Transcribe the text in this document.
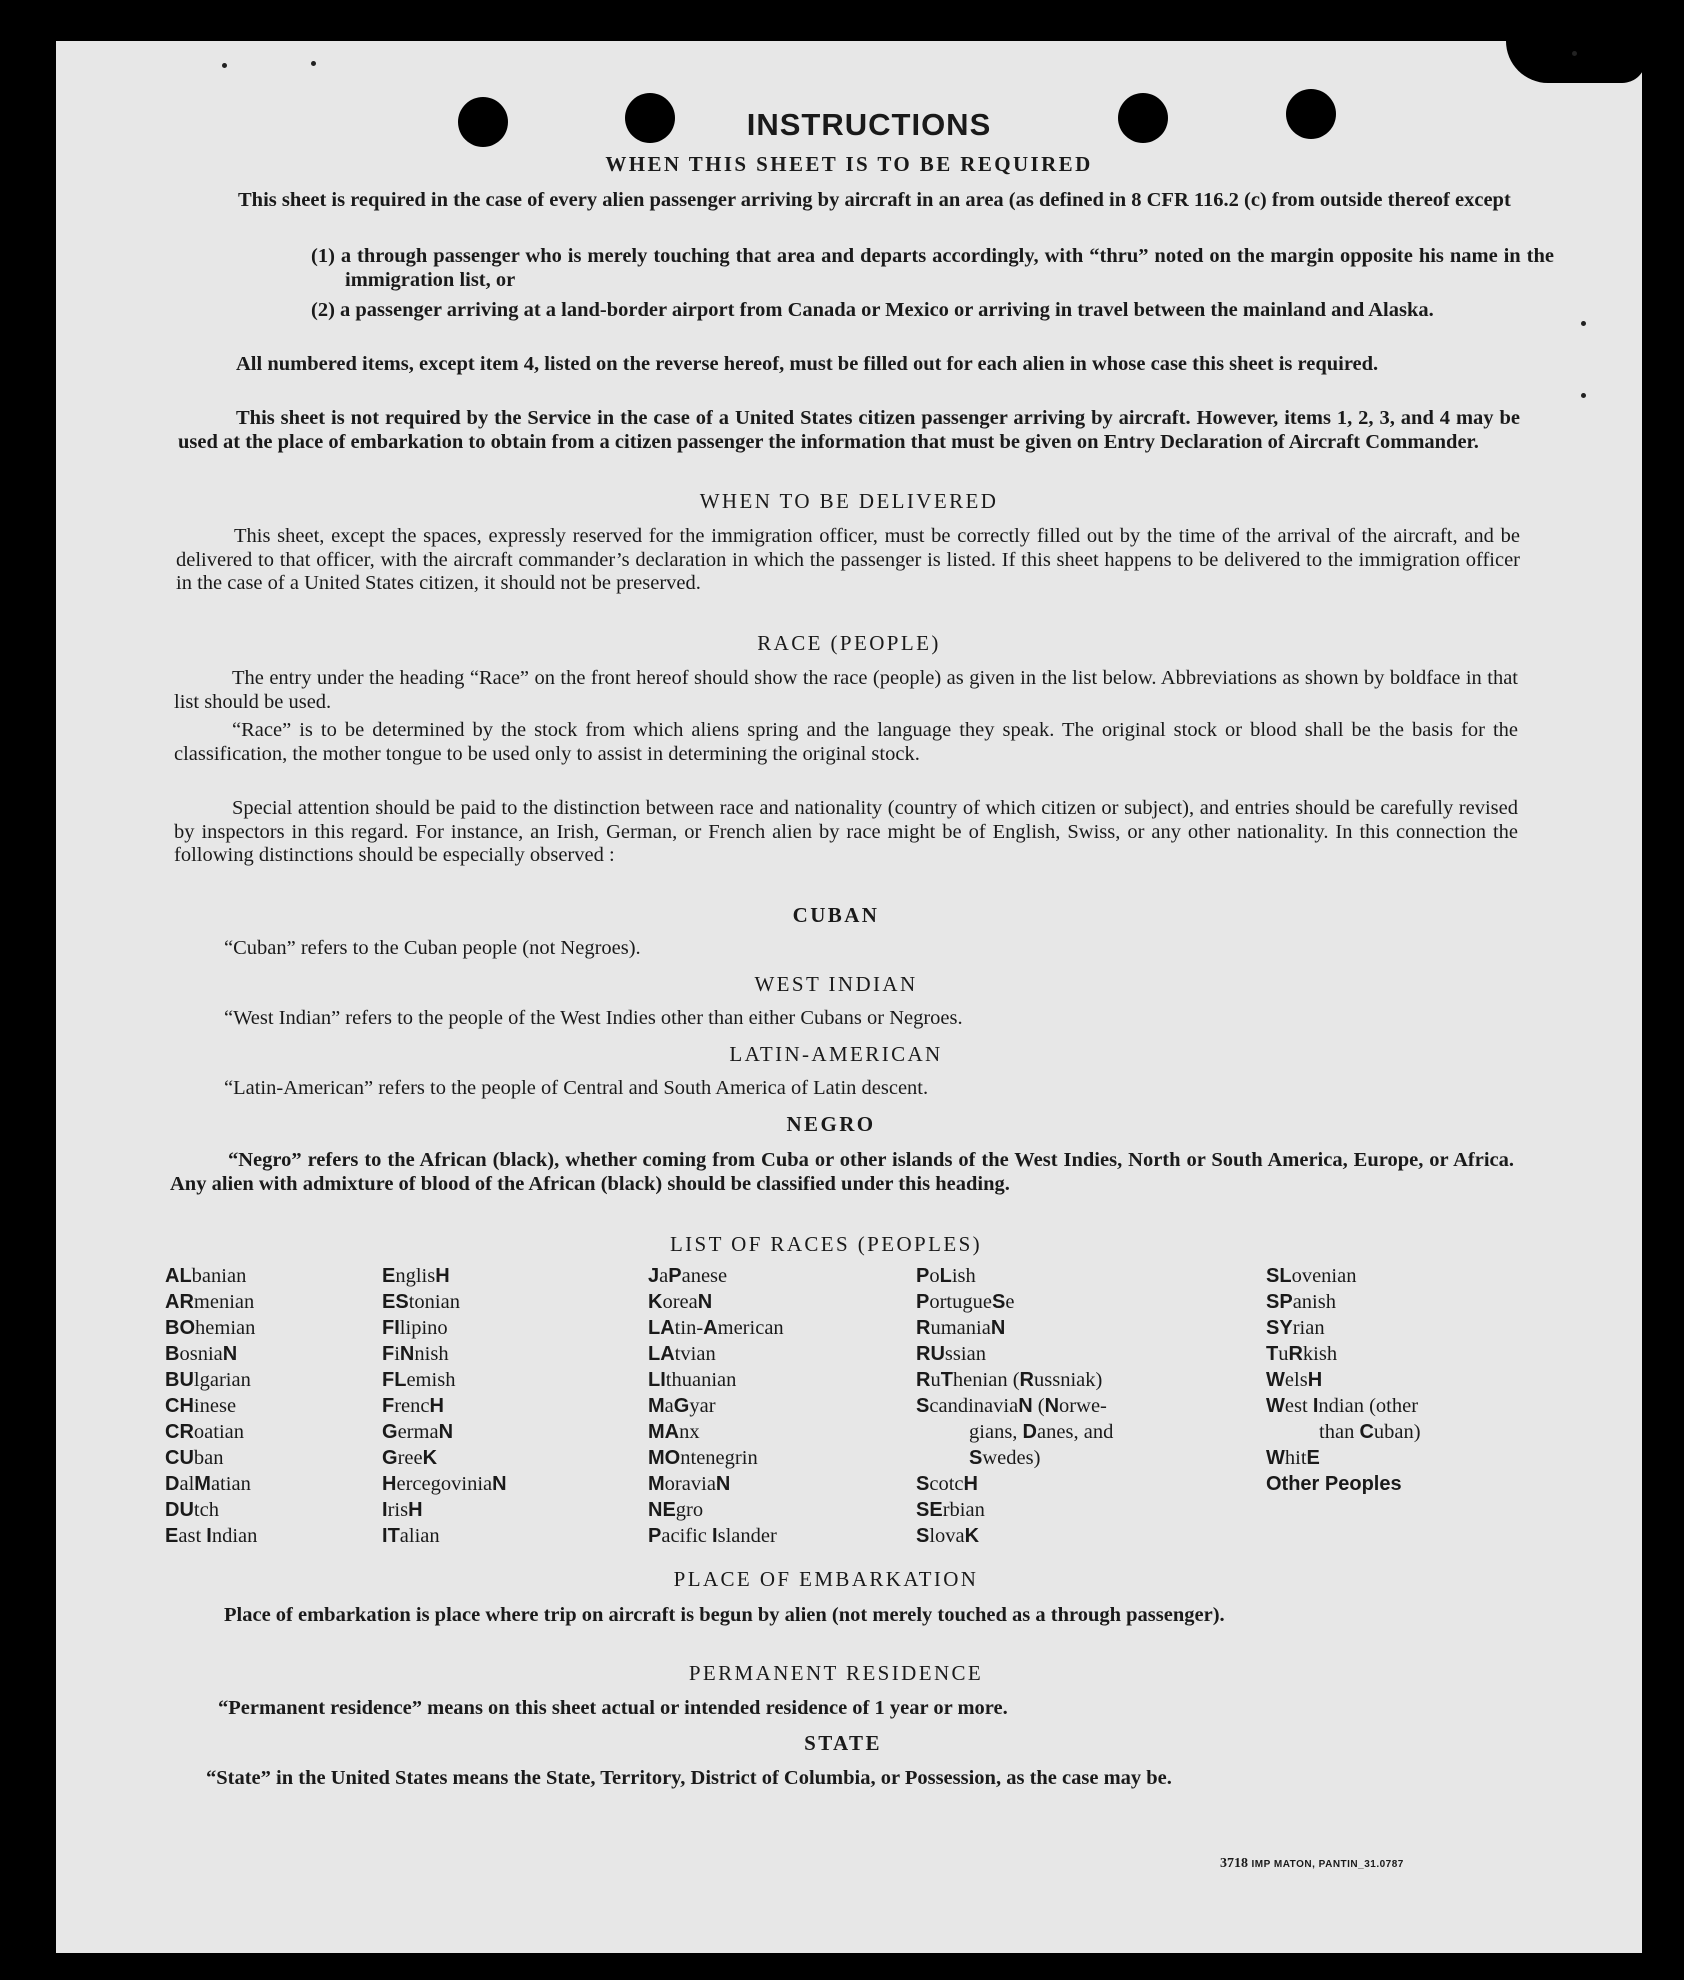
INSTRUCTIONS
WHEN THIS SHEET IS TO BE REQUIRED
This sheet is required in the case of every alien passenger arriving by aircraft in an area (as defined in 8 CFR 116.2 (c) from outside thereof except
(1) a through passenger who is merely touching that area and departs accordingly, with “thru” noted on the margin opposite his name in the immigration list, or
(2) a passenger arriving at a land-border airport from Canada or Mexico or arriving in travel between the mainland and Alaska.
All numbered items, except item 4, listed on the reverse hereof, must be filled out for each alien in whose case this sheet is required.
This sheet is not required by the Service in the case of a United States citizen passenger arriving by aircraft. However, items 1, 2, 3, and 4 may be used at the place of embarkation to obtain from a citizen passenger the information that must be given on Entry Declaration of Aircraft Commander.
WHEN TO BE DELIVERED
This sheet, except the spaces, expressly reserved for the immigration officer, must be correctly filled out by the time of the arrival of the aircraft, and be delivered to that officer, with the aircraft commander’s declaration in which the passenger is listed. If this sheet happens to be delivered to the immigration officer in the case of a United States citizen, it should not be preserved.
RACE (PEOPLE)
The entry under the heading “Race” on the front hereof should show the race (people) as given in the list below. Abbreviations as shown by boldface in that list should be used.
“Race” is to be determined by the stock from which aliens spring and the language they speak. The original stock or blood shall be the basis for the classification, the mother tongue to be used only to assist in determining the original stock.
Special attention should be paid to the distinction between race and nationality (country of which citizen or subject), and entries should be carefully revised by inspectors in this regard. For instance, an Irish, German, or French alien by race might be of English, Swiss, or any other nationality. In this connection the following distinctions should be especially observed :
CUBAN
“Cuban” refers to the Cuban people (not Negroes).
WEST INDIAN
“West Indian” refers to the people of the West Indies other than either Cubans or Negroes.
LATIN-AMERICAN
“Latin-American” refers to the people of Central and South America of Latin descent.
NEGRO
“Negro” refers to the African (black), whether coming from Cuba or other islands of the West Indies, North or South America, Europe, or Africa. Any alien with admixture of blood of the African (black) should be classified under this heading.
LIST OF RACES (PEOPLES)
ALbanian
ARmenian
BOhemian
BosniaN
BUlgarian
CHinese
CRoatian
CUban
DalMatian
DUtch
East Indian
EnglisH
EStonian
FIlipino
FiNnish
FLemish
FrencH
GermaN
GreeK
HercegoviniaN
IrisH
ITalian
JaPanese
KoreaN
LAtin-American
LAtvian
LIthuanian
MaGyar
MAnx
MOntenegrin
MoraviaN
NEgro
Pacific Islander
PoLish
PortugueSe
RumaniaN
RUssian
RuThenian (Russniak)
ScandinaviaN (Norwe-
gians, Danes, and
Swedes)
ScotcH
SErbian
SlovaK
SLovenian
SPanish
SYrian
TuRkish
WelsH
West Indian (other
than Cuban)
WhitE
Other Peoples
PLACE OF EMBARKATION
Place of embarkation is place where trip on aircraft is begun by alien (not merely touched as a through passenger).
PERMANENT RESIDENCE
“Permanent residence” means on this sheet actual or intended residence of 1 year or more.
STATE
“State” in the United States means the State, Territory, District of Columbia, or Possession, as the case may be.
3718 IMP MATON, PANTIN_31.0787
